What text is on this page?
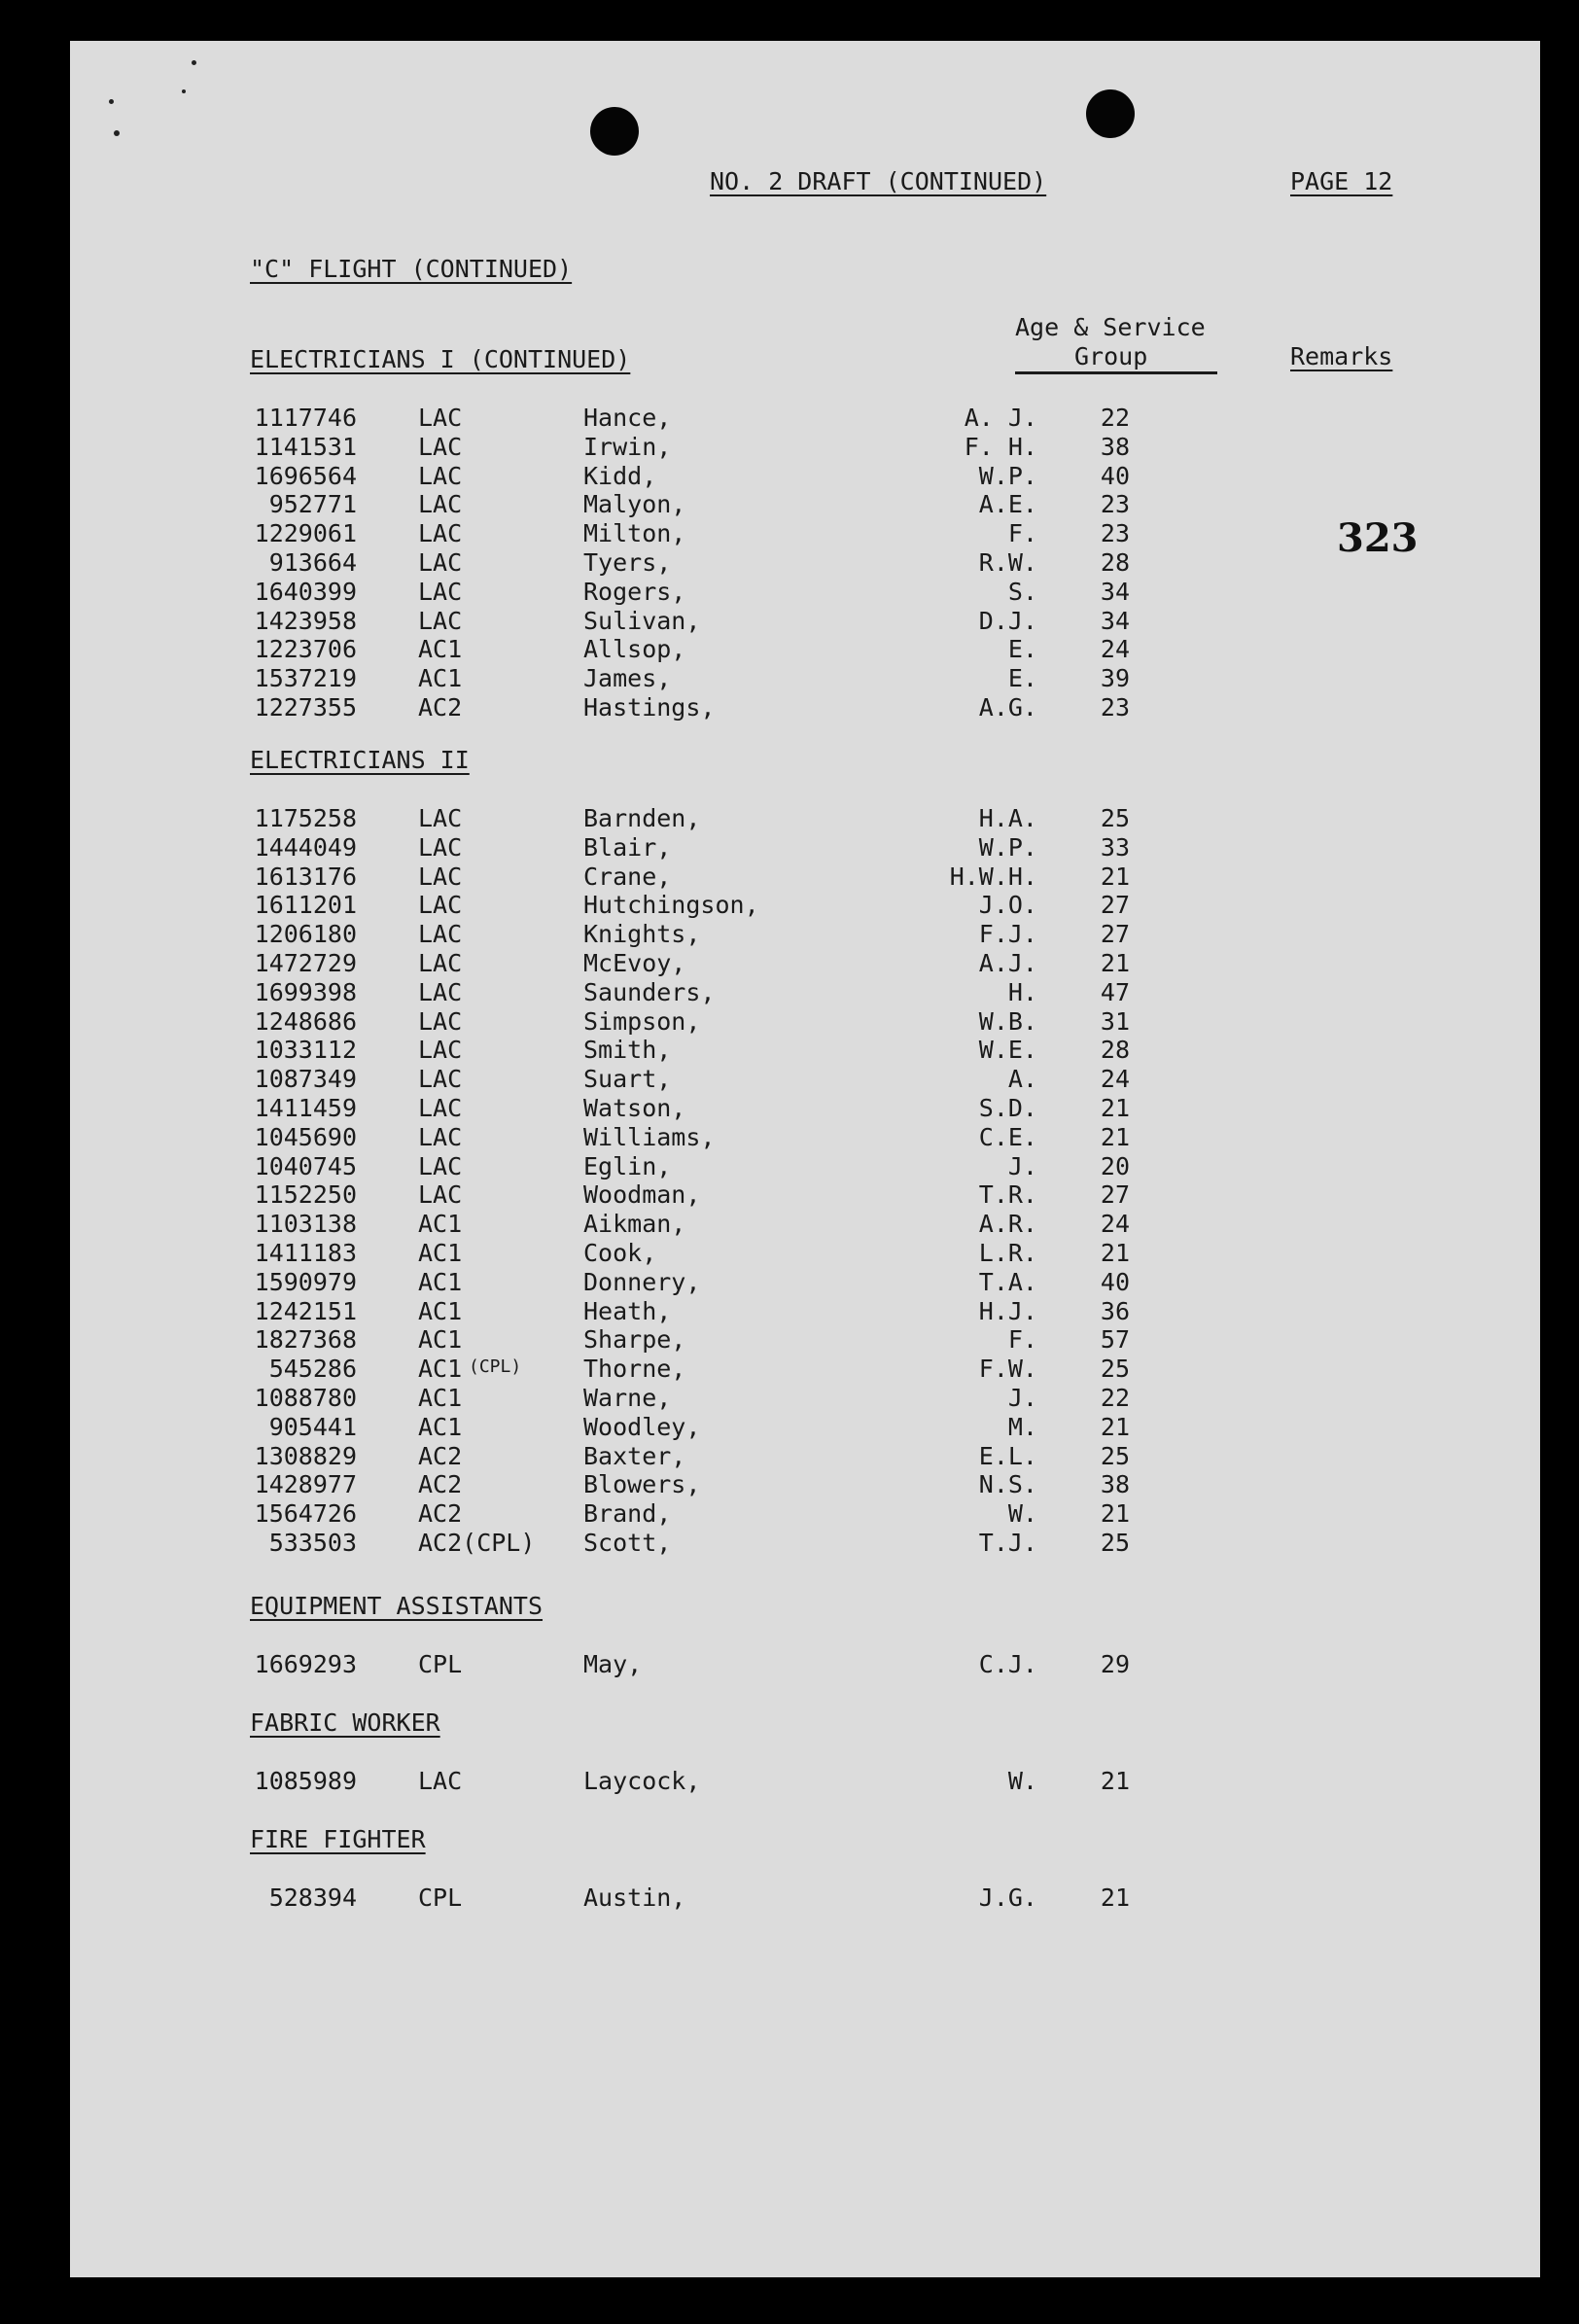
NO. 2 DRAFT (CONTINUED)	PAGE 12
"C" FLIGHT (CONTINUED)
Age & Service
Group	Remarks
323
ELECTRICIANS I (CONTINUED)
1117746	LAC	Hance,	A. J.	22
1141531	LAC	Irwin,	F. H.	38
1696564	LAC	Kidd,	W.P.	40
952771	LAC	Malyon,	A.E.	23
1229061	LAC	Milton,	F.	23
913664	LAC	Tyers,	R.W.	28
1640399	LAC	Rogers,	S.	34
1423958	LAC	Sulivan,	D.J.	34
1223706	AC1	Allsop,	E.	24
1537219	AC1	James,	E.	39
1227355	AC2	Hastings,	A.G.	23
ELECTRICIANS II
1175258	LAC	Barnden,	H.A.	25
1444049	LAC	Blair,	W.P.	33
1613176	LAC	Crane,	H.W.H.	21
1611201	LAC	Hutchingson,	J.O.	27
1206180	LAC	Knights,	F.J.	27
1472729	LAC	McEvoy,	A.J.	21
1699398	LAC	Saunders,	H.	47
1248686	LAC	Simpson,	W.B.	31
1033112	LAC	Smith,	W.E.	28
1087349	LAC	Suart,	A.	24
1411459	LAC	Watson,	S.D.	21
1045690	LAC	Williams,	C.E.	21
1040745	LAC	Eglin,	J.	20
1152250	LAC	Woodman,	T.R.	27
1103138	AC1	Aikman,	A.R.	24
1411183	AC1	Cook,	L.R.	21
1590979	AC1	Donnery,	T.A.	40
1242151	AC1	Heath,	H.J.	36
1827368	AC1	Sharpe,	F.	57
545286	AC1 (CPL)	Thorne,	F.W.	25
1088780	AC1	Warne,	J.	22
905441	AC1	Woodley,	M.	21
1308829	AC2	Baxter,	E.L.	25
1428977	AC2	Blowers,	N.S.	38
1564726	AC2	Brand,	W.	21
533503	AC2(CPL) Scott,	T.J.	25
EQUIPMENT ASSISTANTS
1669293	CPL	May,	C.J.	29
FABRIC WORKER
1085989	LAC	Laycock,	W.	21
FIRE FIGHTER
528394	CPL	Austin,	J.G.	21
